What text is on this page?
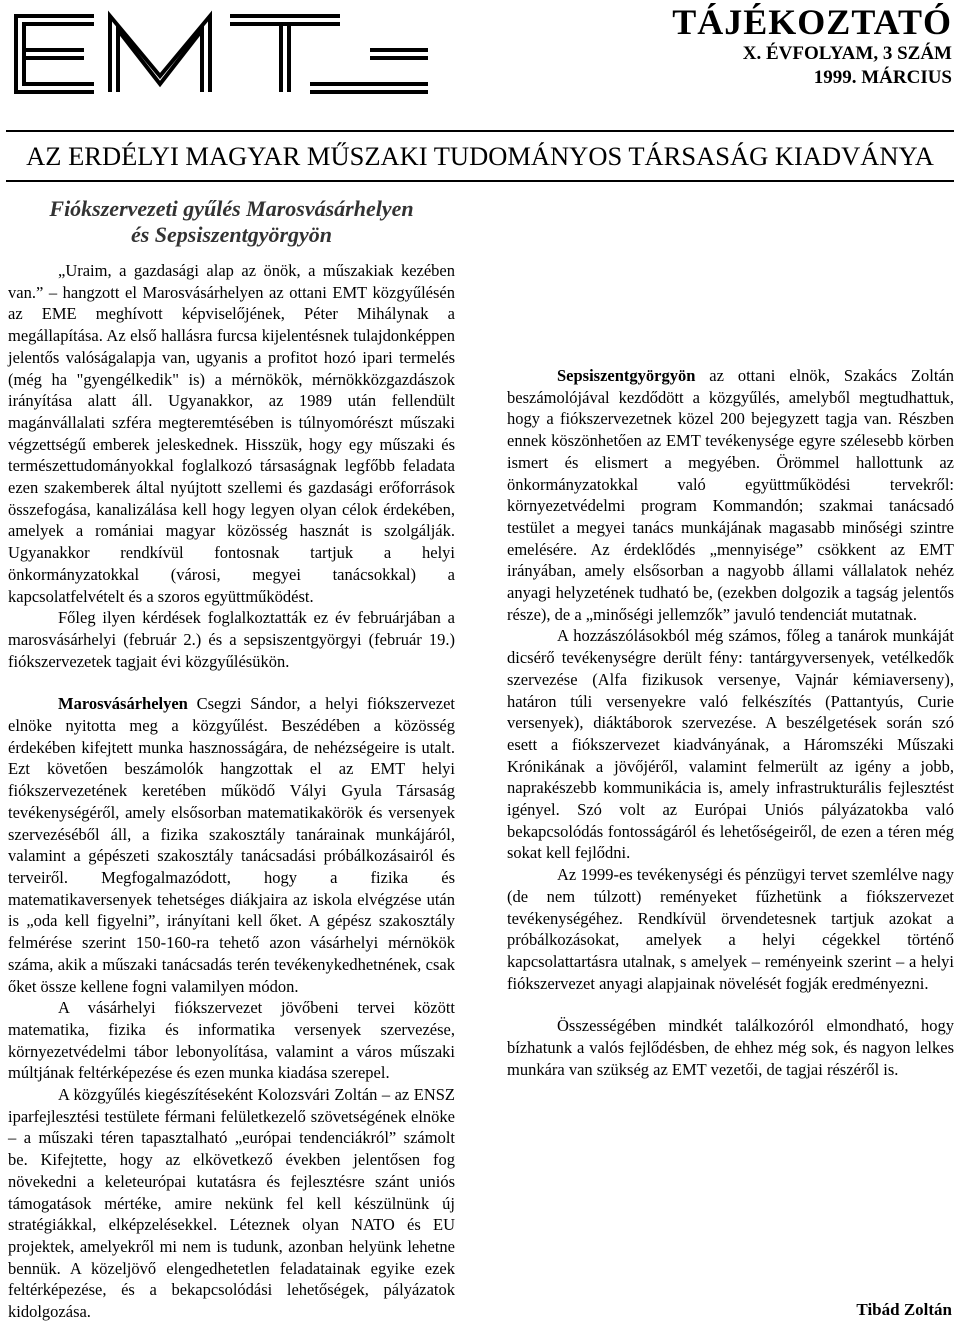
TÁJÉKOZTATÓ
X. ÉVFOLYAM, 3 SZÁM
1999. MÁRCIUS
AZ ERDÉLYI MAGYAR MŰSZAKI TUDOMÁNYOS TÁRSASÁG KIADVÁNYA
Fiókszervezeti gyűlés Marosvásárhelyen
és Sepsiszentgyörgyön

„Uraim, a gazdasági alap az önök, a műszakiak kezében van.” – hangzott el Marosvásárhelyen az ottani EMT közgyűlésén az EME meghívott képviselőjének, Péter Mihálynak a megállapítása. Az első hallásra furcsa kijelentésnek tulajdonképpen jelentős valóságalapja van, ugyanis a profitot hozó ipari termelés (még ha "gyengélkedik" is) a mérnökök, mérnökközgazdászok irányítása alatt áll. Ugyanakkor, az 1989 után fellendült magánvállalati szféra megteremtésében is túlnyomórészt műszaki végzettségű emberek jeleskednek. Hisszük, hogy egy műszaki és természettudományokkal foglalkozó társaságnak legfőbb feladata ezen szakemberek által nyújtott szellemi és gazdasági erőforrások összefogása, kanalizálása kell hogy legyen olyan célok érdekében, amelyek a romániai magyar közösség hasznát is szolgálják. Ugyanakkor rendkívül fontosnak tartjuk a helyi önkormányzatokkal (városi, megyei tanácsokkal) a kapcsolatfelvételt és a szoros együttműködést.

Főleg ilyen kérdések foglalkoztatták ez év februárjában a marosvásárhelyi (február 2.) és a sepsiszentgyörgyi (február 19.) fiókszervezetek tagjait évi közgyűlésükön.

Marosvásárhelyen Csegzi Sándor, a helyi fiókszervezet elnöke nyitotta meg a közgyűlést. Beszédében a közösség érdekében kifejtett munka hasznosságára, de nehézségeire is utalt. Ezt követően beszámolók hangzottak el az EMT helyi fiókszervezetének keretében működő Vályi Gyula Társaság tevékenységéről, amely elsősorban matematikakörök és versenyek szervezéséből áll, a fizika szakosztály tanárainak munkájáról, valamint a gépészeti szakosztály tanácsadási próbálkozásairól és terveiről. Megfogalmazódott, hogy a fizika és matematikaversenyek tehetséges diákjaira az iskola elvégzése után is „oda kell figyelni”, irányítani kell őket. A gépész szakosztály felmérése szerint 150-160-ra tehető azon vásárhelyi mérnökök száma, akik a műszaki tanácsadás terén tevékenykedhetnének, csak őket össze kellene fogni valamilyen módon.

A vásárhelyi fiókszervezet jövőbeni tervei között matematika, fizika és informatika versenyek szervezése, környezetvédelmi tábor lebonyolítása, valamint a város műszaki múltjának feltérképezése és ezen munka kiadása szerepel.

A közgyűlés kiegészítéseként Kolozsvári Zoltán – az ENSZ iparfejlesztési testülete férmani felületkezelő szövetségének elnöke – a műszaki téren tapasztalható „európai tendenciákról” számolt be. Kifejtette, hogy az elkövetkező években jelentősen fog növekedni a keleteurópai kutatásra és fejlesztésre szánt uniós támogatások mértéke, amire nekünk fel kell készülnünk új stratégiákkal, elképzelésekkel. Léteznek olyan NATO és EU projektek, amelyekről mi nem is tudunk, azonban helyünk lehetne bennük. A közeljövő elengedhetetlen feladatainak egyike ezek feltérképezése, és a bekapcsolódási lehetőségek, pályázatok kidolgozása.

Sepsiszentgyörgyön az ottani elnök, Szakács Zoltán beszámolójával kezdődött a közgyűlés, amelyből megtudhattuk, hogy a fiókszervezetnek közel 200 bejegyzett tagja van. Részben ennek köszönhetően az EMT tevékenysége egyre szélesebb körben ismert és elismert a megyében. Örömmel hallottunk az önkormányzatokkal való együttműködési tervekről: környezetvédelmi program Kommandón; szakmai tanácsadó testület a megyei tanács munkájának magasabb minőségi szintre emelésére. Az érdeklődés „mennyisége” csökkent az EMT irányában, amely elsősorban a nagyobb állami vállalatok nehéz anyagi helyzetének tudható be, (ezekben dolgozik a tagság jelentős része), de a „minőségi jellemzők” javuló tendenciát mutatnak.

A hozzászólásokból még számos, főleg a tanárok munkáját dicsérő tevékenységre derült fény: tantárgyversenyek, vetélkedők szervezése (Alfa fizikusok versenye, Vajnár kémiaverseny), határon túli versenyekre való felkészítés (Pattantyús, Curie versenyek), diáktáborok szervezése. A beszélgetések során szó esett a fiókszervezet kiadványának, a Háromszéki Műszaki Krónikának a jövőjéről, valamint felmerült az igény a jobb, naprakészebb kommunikácia is, amely infrastrukturális fejlesztést igényel. Szó volt az Európai Uniós pályázatokba való bekapcsolódás fontosságáról és lehetőségeiről, de ezen a téren még sokat kell fejlődni.

Az 1999-es tevékenységi és pénzügyi tervet szemlélve nagy (de nem túlzott) reményeket fűzhetünk a fiókszervezet tevékenységéhez. Rendkívül örvendetesnek tartjuk azokat a próbálkozásokat, amelyek a helyi cégekkel történő kapcsolattartásra utalnak, s amelyek – reményeink szerint – a helyi fiókszervezet anyagi alapjainak növelését fogják eredményezni.

Összességében mindkét találkozóról elmondható, hogy bízhatunk a valós fejlődésben, de ehhez még sok, és nagyon lelkes munkára van szükség az EMT vezetői, de tagjai részéről is.

Tibád Zoltán
